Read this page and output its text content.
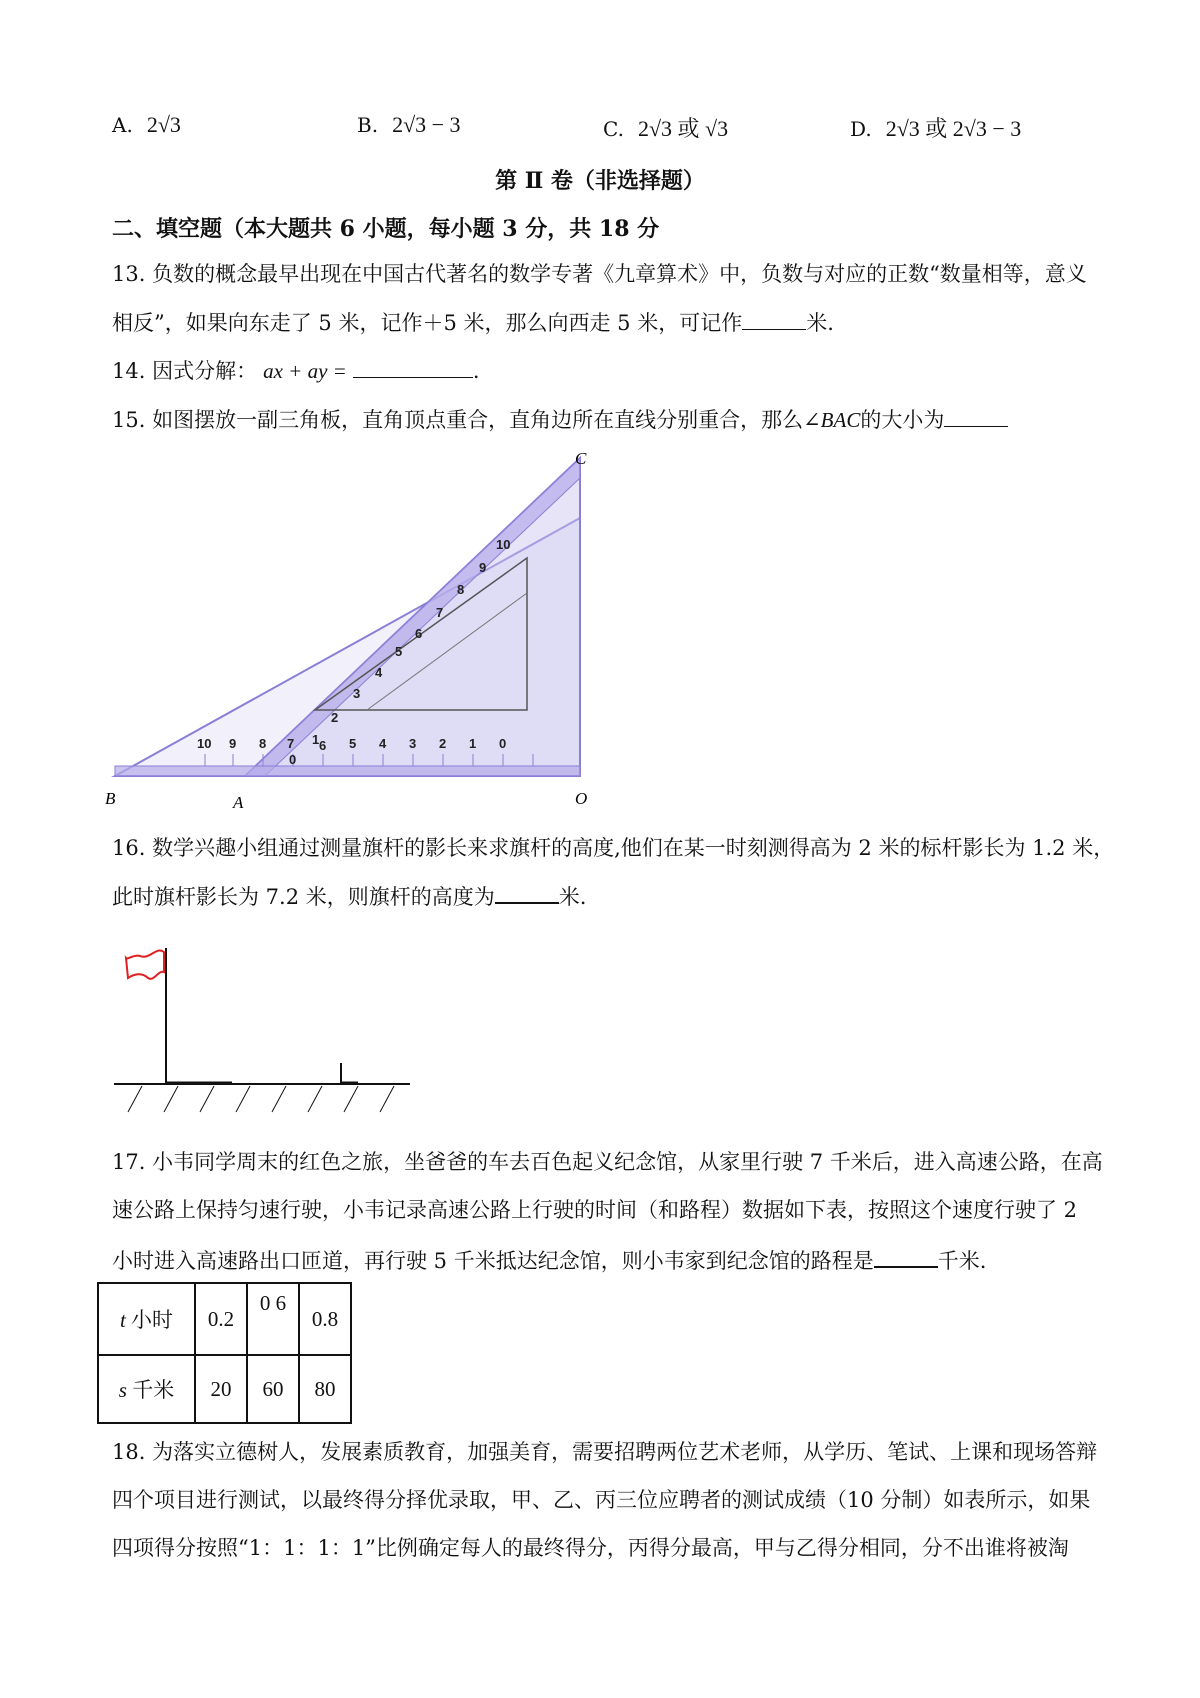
A. 2√3	B. 2√3 − 3	C. 2√3 或 √3	D. 2√3 或 2√3 − 3
第 Ⅱ 卷（非选择题）
二、填空题（本大题共 6 小题，每小题 3 分，共 18 分
13. 负数的概念最早出现在中国古代著名的数学专著《九章算术》中，负数与对应的正数“数量相等，意义
相反”，如果向东走了 5 米，记作＋5 米，那么向西走 5 米，可记作	米.
14. 因式分解： ax + ay =	.
15. 如图摆放一副三角板，直角顶点重合，直角边所在直线分别重合，那么∠BAC的大小为
B	A	O
C
10 9 8 7
0
1 6 5 4 3 2 1 0
2
3
4
5
6
7
8
9
10
16. 数学兴趣小组通过测量旗杆的影长来求旗杆的高度,他们在某一时刻测得高为 2 米的标杆影长为 1.2 米，
此时旗杆影长为 7.2 米，则旗杆的高度为	米.
17. 小韦同学周末的红色之旅，坐爸爸的车去百色起义纪念馆，从家里行驶 7 千米后，进入高速公路，在高
速公路上保持匀速行驶，小韦记录高速公路上行驶的时间（和路程）数据如下表，按照这个速度行驶了 2
小时进入高速路出口匝道，再行驶 5 千米抵达纪念馆，则小韦家到纪念馆的路程是	千米.
t 小时	0.2	0 6	0.8
s 千米	20	60	80
18. 为落实立德树人，发展素质教育，加强美育，需要招聘两位艺术老师，从学历、笔试、上课和现场答辩
四个项目进行测试，以最终得分择优录取，甲、乙、丙三位应聘者的测试成绩（10 分制）如表所示，如果
四项得分按照“1：1：1：1”比例确定每人的最终得分，丙得分最高，甲与乙得分相同，分不出谁将被淘
